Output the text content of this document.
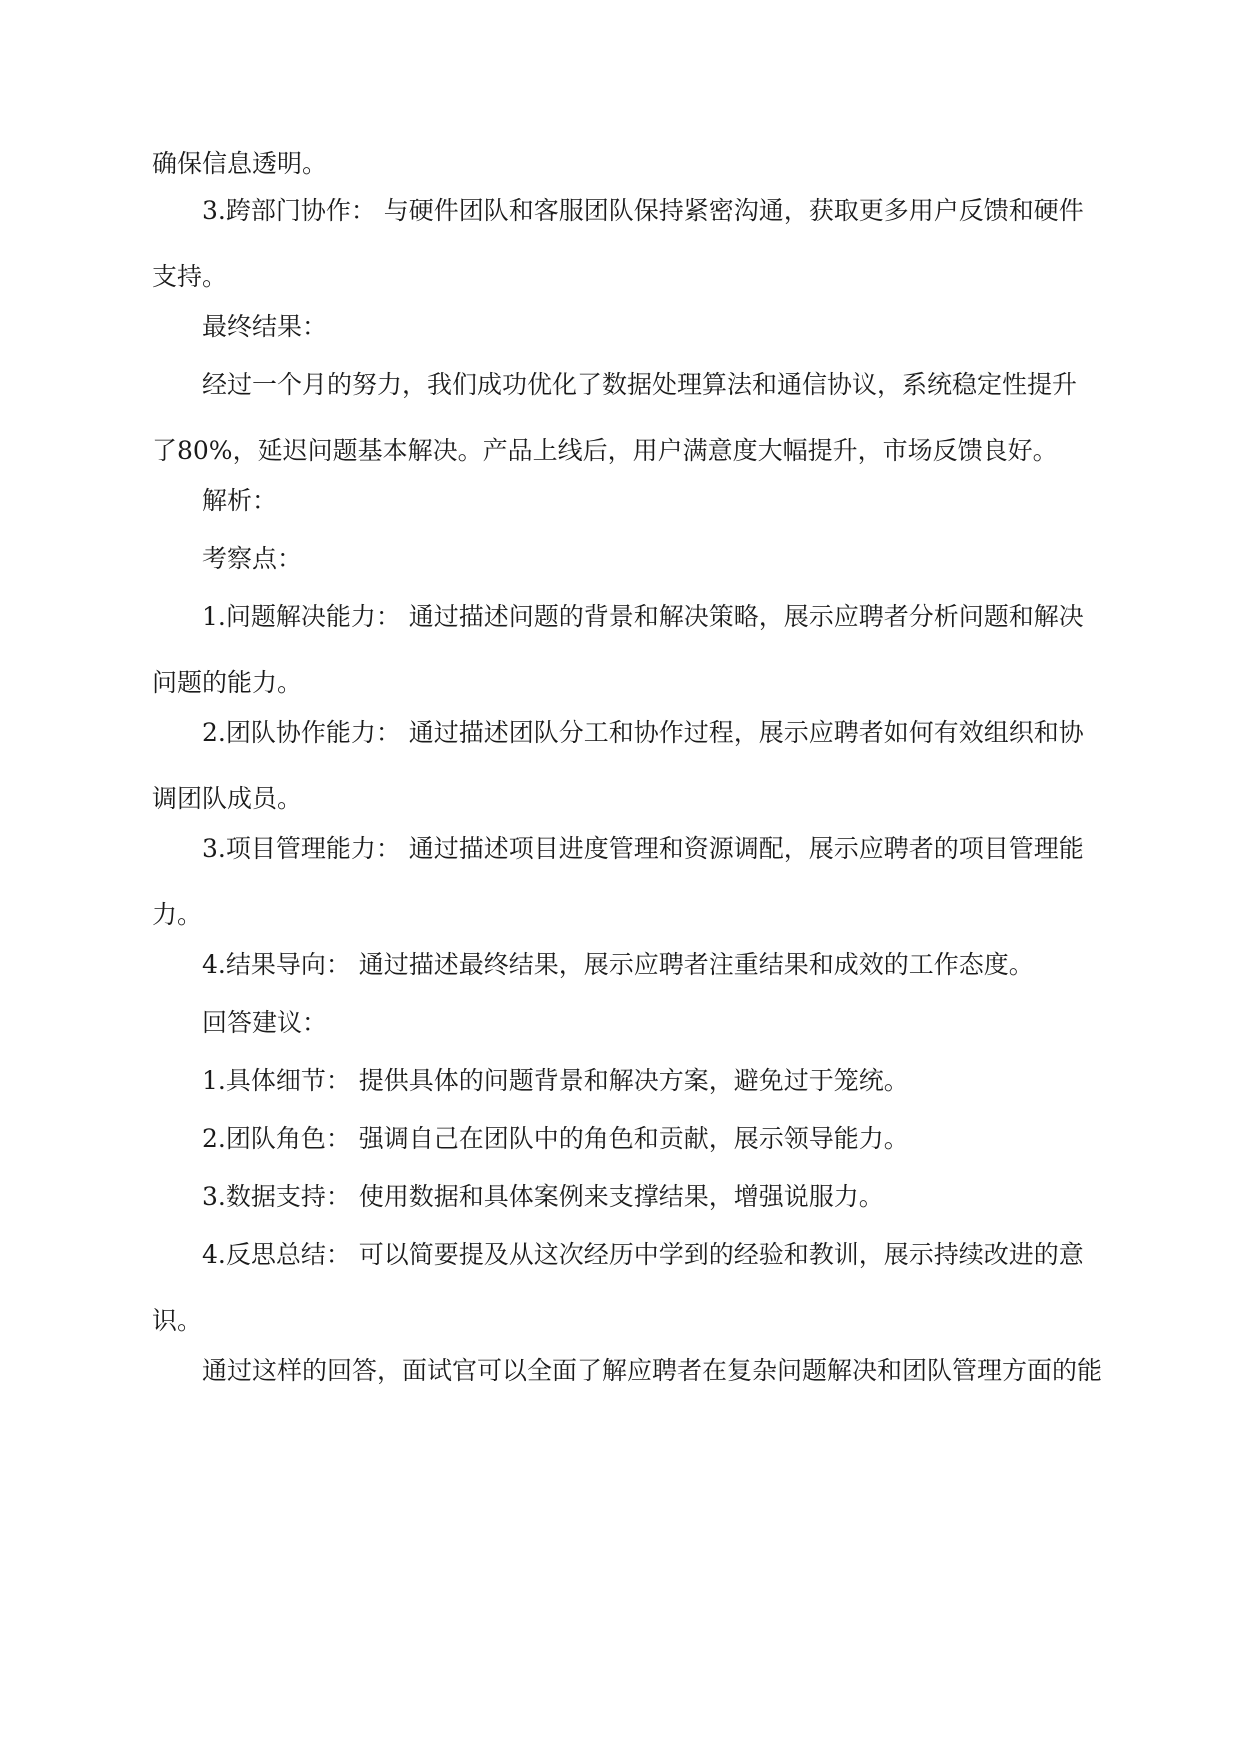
确保信息透明。

3.跨部门协作： 与硬件团队和客服团队保持紧密沟通，获取更多用户反馈和硬件支持。

最终结果：

经过一个月的努力，我们成功优化了数据处理算法和通信协议，系统稳定性提升了80%，延迟问题基本解决。产品上线后，用户满意度大幅提升，市场反馈良好。

解析：

考察点：

1.问题解决能力： 通过描述问题的背景和解决策略，展示应聘者分析问题和解决问题的能力。

2.团队协作能力： 通过描述团队分工和协作过程，展示应聘者如何有效组织和协调团队成员。

3.项目管理能力： 通过描述项目进度管理和资源调配，展示应聘者的项目管理能力。

4.结果导向： 通过描述最终结果，展示应聘者注重结果和成效的工作态度。

回答建议：

1.具体细节： 提供具体的问题背景和解决方案，避免过于笼统。

2.团队角色： 强调自己在团队中的角色和贡献，展示领导能力。

3.数据支持： 使用数据和具体案例来支撑结果，增强说服力。

4.反思总结： 可以简要提及从这次经历中学到的经验和教训，展示持续改进的意识。

通过这样的回答，面试官可以全面了解应聘者在复杂问题解决和团队管理方面的能
